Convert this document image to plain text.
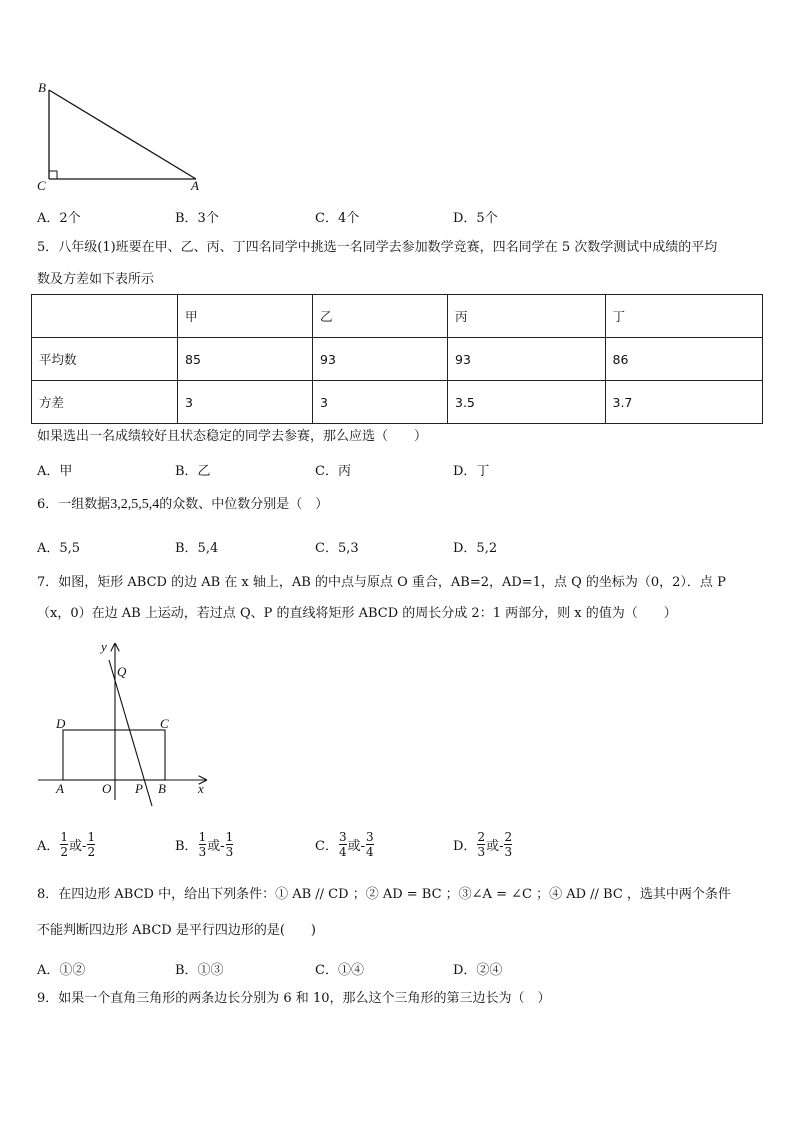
B
C	A
A．2个	B．3个	C．4个	D．5个
5．八年级(1)班要在甲、乙、丙、丁四名同学中挑选一名同学去参加数学竞赛，四名同学在 5 次数学测试中成绩的平均
数及方差如下表所示
	甲	乙	丙	丁
平均数	85	93	93	86
方差	3	3	3.5	3.7
如果选出一名成绩较好且状态稳定的同学去参赛，那么应选（　　）
A．甲	B．乙	C．丙	D．丁
6．一组数据3,2,5,5,4的众数、中位数分别是（　）
A．5,5	B．5,4	C．5,3	D．5,2
7．如图，矩形 ABCD 的边 AB 在 x 轴上，AB 的中点与原点 O 重合，AB=2，AD=1，点 Q 的坐标为（0，2）．点 P
（x，0）在边 AB 上运动，若过点 Q、P 的直线将矩形 ABCD 的周长分成 2：1 两部分，则 x 的值为（　　）
y
Q
D	C
A	O P B x
A． $\frac{1}{2}$ 或- $\frac{1}{2}$	B． $\frac{1}{3}$ 或- $\frac{1}{3}$	C． $\frac{3}{4}$ 或- $\frac{3}{4}$	D． $\frac{2}{3}$ 或- $\frac{2}{3}$
8．在四边形 ABCD 中，给出下列条件：① AB // CD ；② AD = BC ；③∠A = ∠C ；④ AD // BC ，选其中两个条件
不能判断四边形 ABCD 是平行四边形的是(　　)
A．①②	B．①③	C．①④	D．②④
9．如果一个直角三角形的两条边长分别为 6 和 10，那么这个三角形的第三边长为（　）
